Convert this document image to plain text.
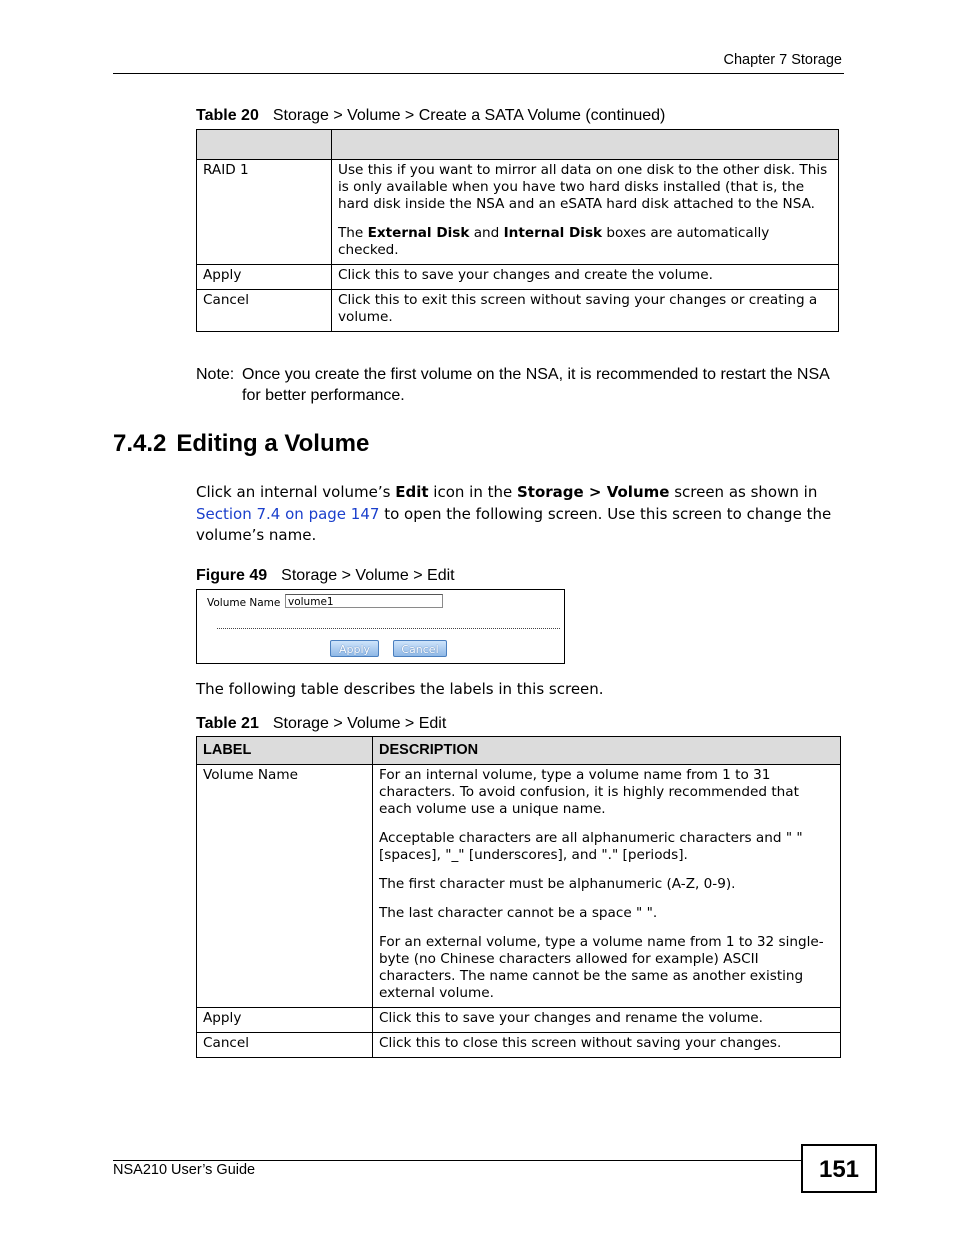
Chapter 7 Storage
Table 20 Storage > Volume > Create a SATA Volume (continued)

RAID 1	Use this if you want to mirror all data on one disk to the other disk. This is only available when you have two hard disks installed (that is, the hard disk inside the NSA and an eSATA hard disk attached to the NSA.

The External Disk and Internal Disk boxes are automatically checked.

Apply	Click this to save your changes and create the volume.
Cancel	Click this to exit this screen without saving your changes or creating a volume.
Note: Once you create the first volume on the NSA, it is recommended to restart the NSA for better performance.
7.4.2 Editing a Volume
Click an internal volume’s Edit icon in the Storage > Volume screen as shown in Section 7.4 on page 147 to open the following screen. Use this screen to change the volume’s name.
Figure 49 Storage > Volume > Edit
Volume Name volume1
Apply	Cancel
The following table describes the labels in this screen.
Table 21 Storage > Volume > Edit
LABEL	DESCRIPTION
Volume Name	For an internal volume, type a volume name from 1 to 31 characters. To avoid confusion, it is highly recommended that each volume use a unique name.

Acceptable characters are all alphanumeric characters and " " [spaces], "_" [underscores], and "." [periods].

The first character must be alphanumeric (A-Z, 0-9).

The last character cannot be a space " ".

For an external volume, type a volume name from 1 to 32 single-byte (no Chinese characters allowed for example) ASCII characters. The name cannot be the same as another existing external volume.

Apply	Click this to save your changes and rename the volume.
Cancel	Click this to close this screen without saving your changes.
NSA210 User’s Guide	151
